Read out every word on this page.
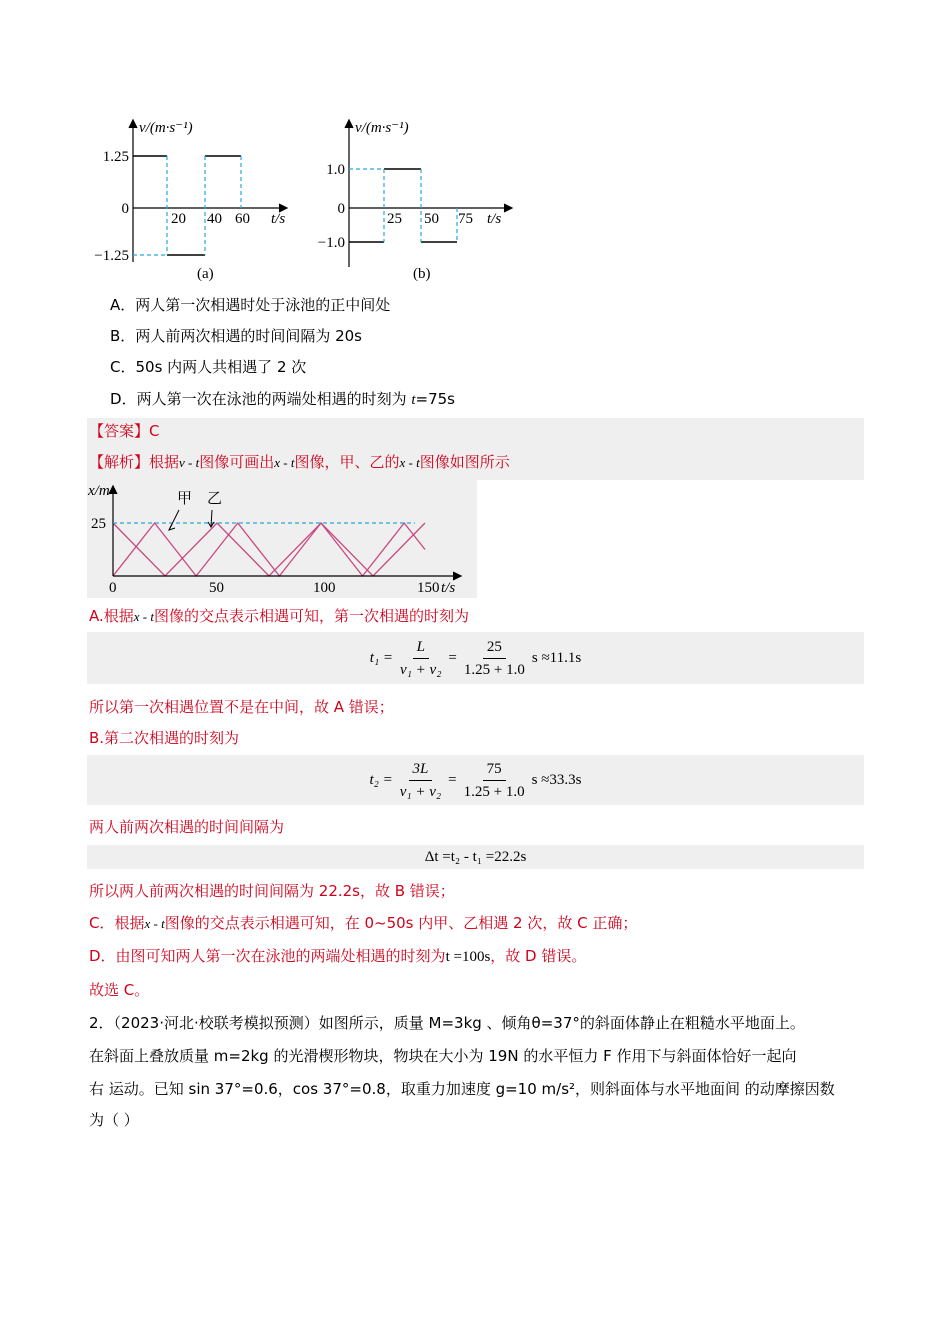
v/(m·s⁻¹)
1.25
0
−1.25
20 40 60 t/s
(a)
v/(m·s⁻¹)
1.0
0
−1.0
25 50 75 t/s
(b)
A．两人第一次相遇时处于泳池的正中间处
B．两人前两次相遇的时间间隔为 20s
C．50s 内两人共相遇了 2 次
D．两人第一次在泳池的两端处相遇的时刻为 t=75s
【答案】C
【解析】根据v - t图像可画出x - t图像，甲、乙的x - t图像如图所示
x/m
25
t/s
0	50	100	150
甲 乙
A.根据x - t图像的交点表示相遇可知，第一次相遇的时刻为
$t_1 = \frac{L}{\text{v₁ + v₂}} = \frac{25}{1.25 + 1.0}$ s ≈11.1s
所以第一次相遇位置不是在中间，故 A 错误；
B.第二次相遇的时刻为
$t_2 = \frac{3L}{\text{v₁ + v₂}} = \frac{75}{1.25 + 1.0}$ s ≈33.3s
两人前两次相遇的时间间隔为
Δt =t₂ - t₁ =22.2s
所以两人前两次相遇的时间间隔为 22.2s，故 B 错误；
C．根据x - t图像的交点表示相遇可知，在 0~50s 内甲、乙相遇 2 次，故 C 正确；
D．由图可知两人第一次在泳池的两端处相遇的时刻为t =100s，故 D 错误。
故选 C。
2．（2023·河北·校联考模拟预测）如图所示，质量 M=3kg 、倾角θ=37°的斜面体静止在粗糙水平地面上。
在斜面上叠放质量 m=2kg 的光滑楔形物块，物块在大小为 19N 的水平恒力 F 作用下与斜面体恰好一起向
右 运动。已知 sin 37°=0.6，cos 37°=0.8，取重力加速度 g=10 m/s²，则斜面体与水平地面间 的动摩擦因数
为（ ）
